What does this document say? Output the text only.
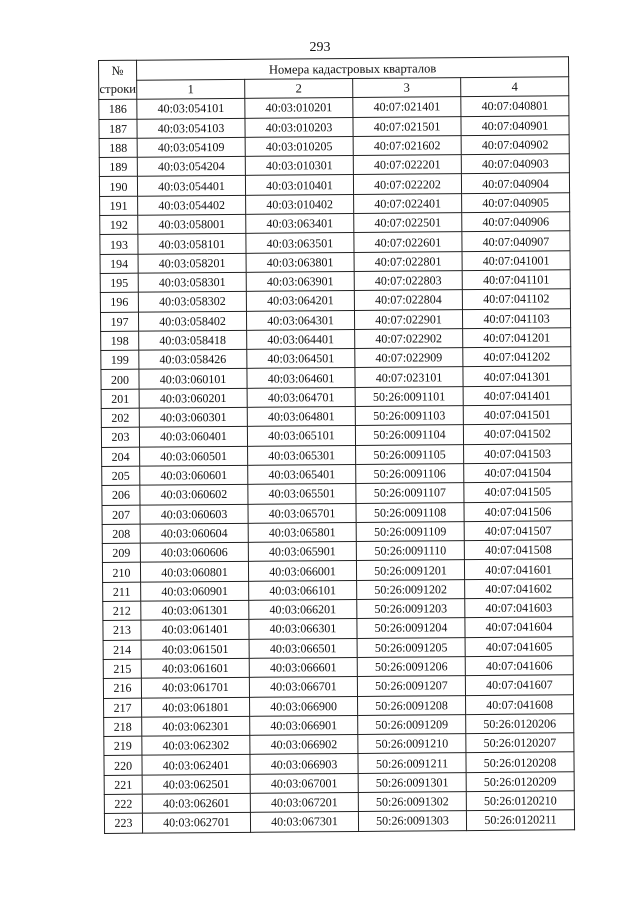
293
№
строки	Номера кадастровых кварталов			
	1	2	3	4
186	40:03:054101	40:03:010201	40:07:021401	40:07:040801
187	40:03:054103	40:03:010203	40:07:021501	40:07:040901
188	40:03:054109	40:03:010205	40:07:021602	40:07:040902
189	40:03:054204	40:03:010301	40:07:022201	40:07:040903
190	40:03:054401	40:03:010401	40:07:022202	40:07:040904
191	40:03:054402	40:03:010402	40:07:022401	40:07:040905
192	40:03:058001	40:03:063401	40:07:022501	40:07:040906
193	40:03:058101	40:03:063501	40:07:022601	40:07:040907
194	40:03:058201	40:03:063801	40:07:022801	40:07:041001
195	40:03:058301	40:03:063901	40:07:022803	40:07:041101
196	40:03:058302	40:03:064201	40:07:022804	40:07:041102
197	40:03:058402	40:03:064301	40:07:022901	40:07:041103
198	40:03:058418	40:03:064401	40:07:022902	40:07:041201
199	40:03:058426	40:03:064501	40:07:022909	40:07:041202
200	40:03:060101	40:03:064601	40:07:023101	40:07:041301
201	40:03:060201	40:03:064701	50:26:0091101	40:07:041401
202	40:03:060301	40:03:064801	50:26:0091103	40:07:041501
203	40:03:060401	40:03:065101	50:26:0091104	40:07:041502
204	40:03:060501	40:03:065301	50:26:0091105	40:07:041503
205	40:03:060601	40:03:065401	50:26:0091106	40:07:041504
206	40:03:060602	40:03:065501	50:26:0091107	40:07:041505
207	40:03:060603	40:03:065701	50:26:0091108	40:07:041506
208	40:03:060604	40:03:065801	50:26:0091109	40:07:041507
209	40:03:060606	40:03:065901	50:26:0091110	40:07:041508
210	40:03:060801	40:03:066001	50:26:0091201	40:07:041601
211	40:03:060901	40:03:066101	50:26:0091202	40:07:041602
212	40:03:061301	40:03:066201	50:26:0091203	40:07:041603
213	40:03:061401	40:03:066301	50:26:0091204	40:07:041604
214	40:03:061501	40:03:066501	50:26:0091205	40:07:041605
215	40:03:061601	40:03:066601	50:26:0091206	40:07:041606
216	40:03:061701	40:03:066701	50:26:0091207	40:07:041607
217	40:03:061801	40:03:066900	50:26:0091208	40:07:041608
218	40:03:062301	40:03:066901	50:26:0091209	50:26:0120206
219	40:03:062302	40:03:066902	50:26:0091210	50:26:0120207
220	40:03:062401	40:03:066903	50:26:0091211	50:26:0120208
221	40:03:062501	40:03:067001	50:26:0091301	50:26:0120209
222	40:03:062601	40:03:067201	50:26:0091302	50:26:0120210
223	40:03:062701	40:03:067301	50:26:0091303	50:26:0120211
